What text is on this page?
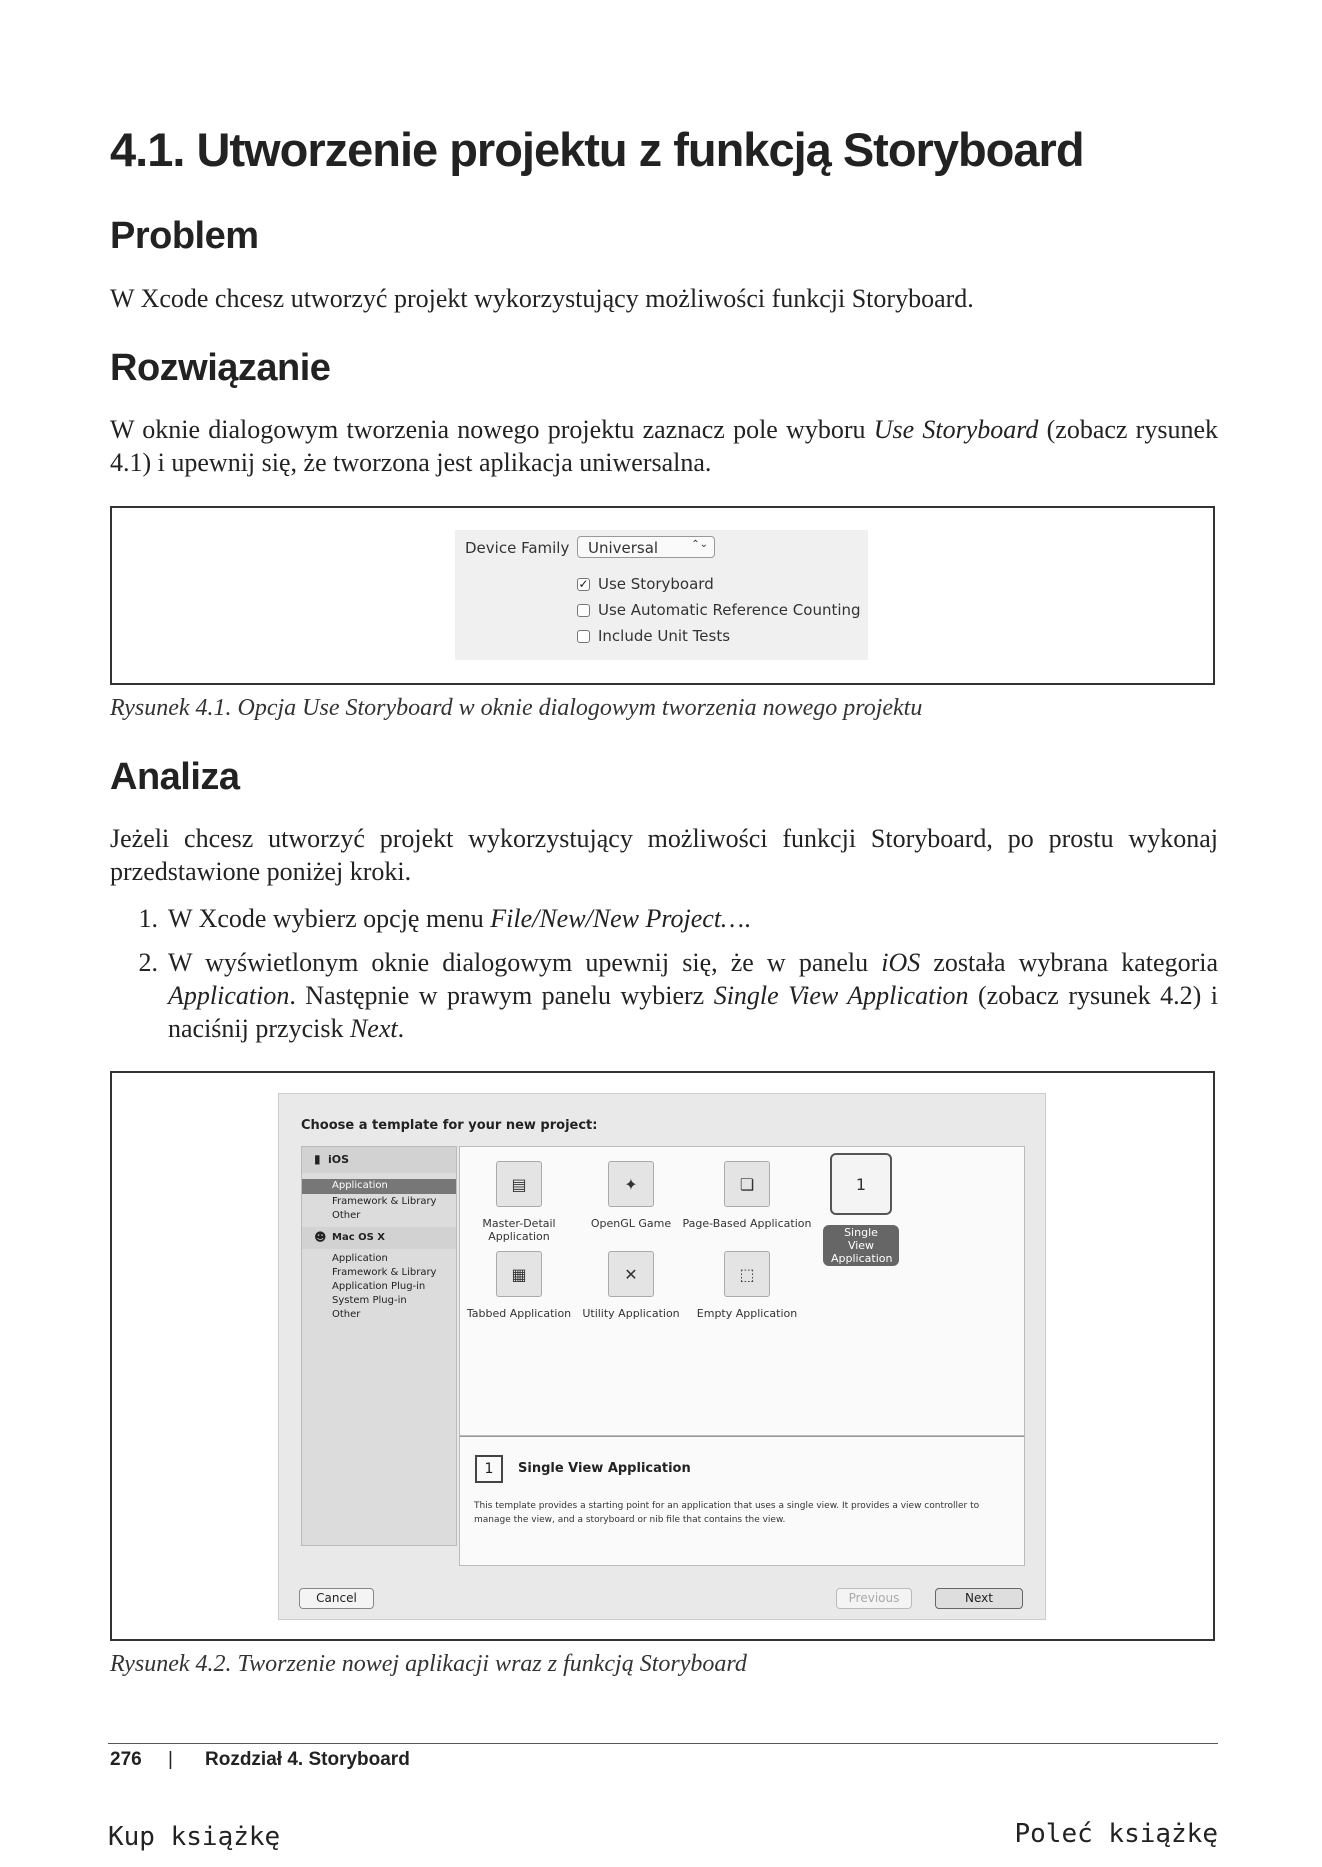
4.1. Utworzenie projektu z funkcją Storyboard
Problem
W Xcode chcesz utworzyć projekt wykorzystujący możliwości funkcji Storyboard.
Rozwiązanie
W oknie dialogowym tworzenia nowego projektu zaznacz pole wyboru Use Storyboard (zobacz rysunek 4.1) i upewnij się, że tworzona jest aplikacja uniwersalna.
Device Family Universal	⌃⌄
✓ Use Storyboard
Use Automatic Reference Counting
Include Unit Tests
Rysunek 4.1. Opcja Use Storyboard w oknie dialogowym tworzenia nowego projektu
Analiza
Jeżeli chcesz utworzyć projekt wykorzystujący możliwości funkcji Storyboard, po prostu wykonaj przedstawione poniżej kroki.
1. W Xcode wybierz opcję menu File/New/New Project….
2. W wyświetlonym oknie dialogowym upewnij się, że w panelu iOS została wybrana kategoria Application. Następnie w prawym panelu wybierz Single View Application (zobacz rysunek 4.2) i naciśnij przycisk Next.
Choose a template for your new project:
▮ iOS
Application
Framework & Library
Other
☻ Mac OS X
Application
Framework & Library
Application Plug-in
System Plug-in
Other
▤
Master-Detail Application
✦
OpenGL Game
❏
Page-Based Application
1
Single View Application
▦
Tabbed Application
✕
Utility Application
⬚
Empty Application
1	Single View Application
This template provides a starting point for an application that uses a single view. It provides a view controller to manage the view, and a storyboard or nib file that contains the view.
Cancel	Previous	Next
Rysunek 4.2. Tworzenie nowej aplikacji wraz z funkcją Storyboard
276 | Rozdział 4. Storyboard
Kup książkę	Poleć książkę
